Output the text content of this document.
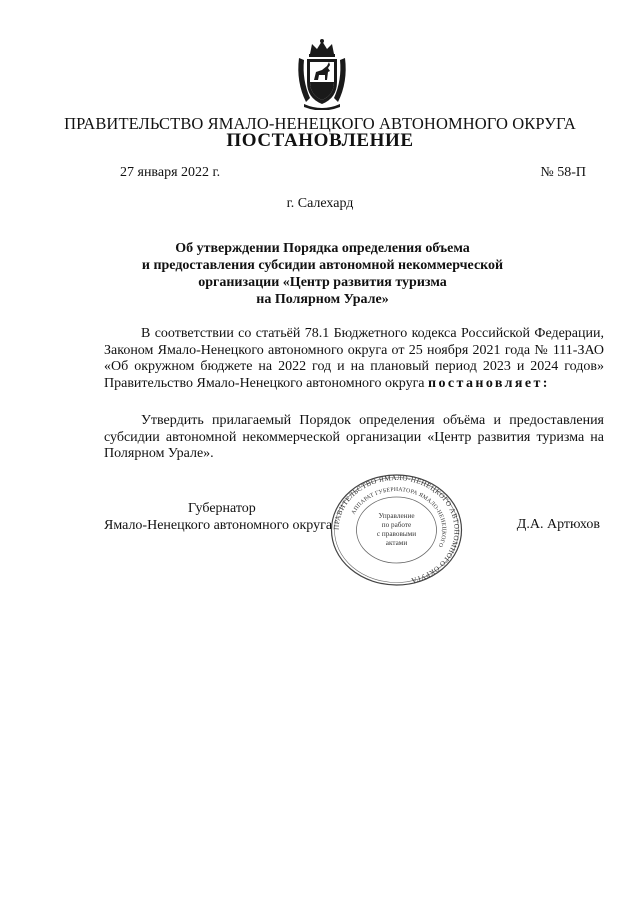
ПРАВИТЕЛЬСТВО ЯМАЛО-НЕНЕЦКОГО АВТОНОМНОГО ОКРУГА
ПОСТАНОВЛЕНИЕ
27 января 2022 г.	№ 58-П
г. Салехард
Об утверждении Порядка определения объема
и предоставления субсидии автономной некоммерческой
организации «Центр развития туризма
на Полярном Урале»
В соответствии со статьёй 78.1 Бюджетного кодекса Российской Федерации, Законом Ямало-Ненецкого автономного округа от 25 ноября 2021 года № 111-ЗАО «Об окружном бюджете на 2022 год и на плановый период 2023 и 2024 годов» Правительство Ямало-Ненецкого автономного округа постановляет:
Утвердить прилагаемый Порядок определения объёма и предоставления субсидии автономной некоммерческой организации «Центр развития туризма на Полярном Урале».
Губернатор
Ямало-Ненецкого автономного округа	Д.А. Артюхов
ПРАВИТЕЛЬСТВО ЯМАЛО-НЕНЕЦКОГО АВТОНОМНОГО ОКРУГА
АППАРАТ ГУБЕРНАТОРА ЯМАЛО-НЕНЕЦКОГО
Управление
по работе
с правовыми
актами
